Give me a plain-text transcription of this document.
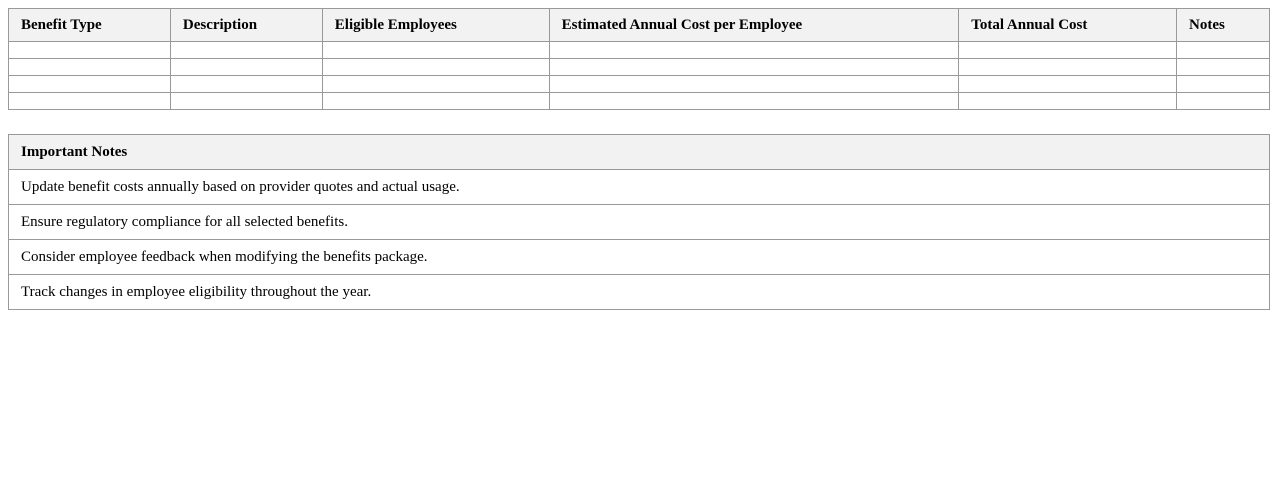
Benefit Type	Description	Eligible Employees	Estimated Annual Cost per Employee	Total Annual Cost	Notes

Important Notes
Update benefit costs annually based on provider quotes and actual usage.
Ensure regulatory compliance for all selected benefits.
Consider employee feedback when modifying the benefits package.
Track changes in employee eligibility throughout the year.
